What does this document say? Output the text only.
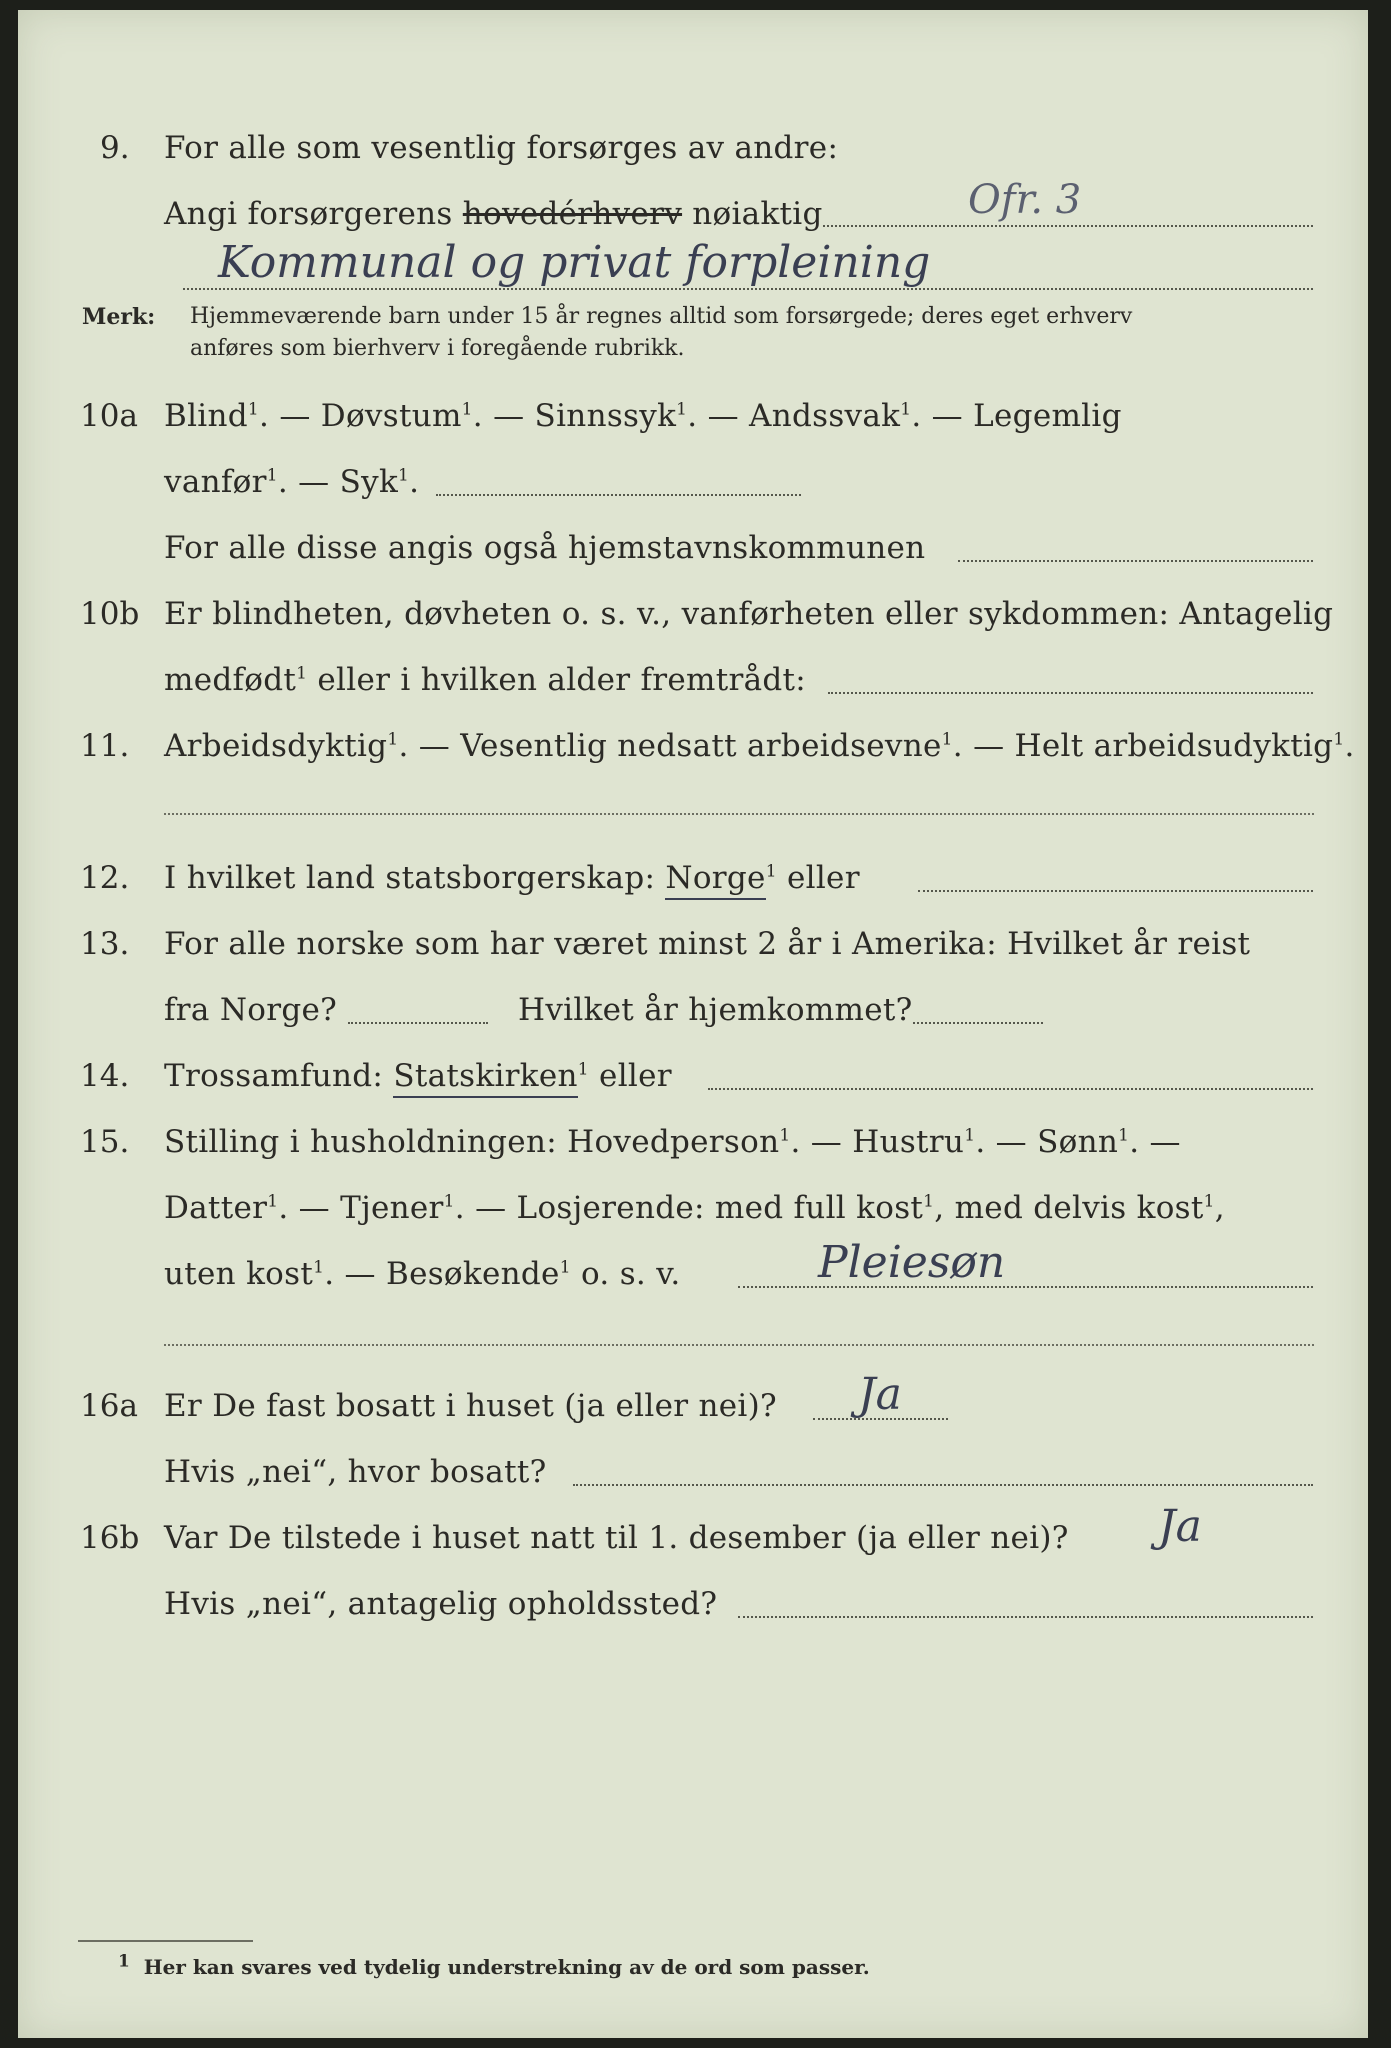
9. For alle som vesentlig forsørges av andre:
Angi forsørgerens hovedérhverv nøiaktig	Ofr. 3
Kommunal og privat forpleining
Merk: Hjemmeværende barn under 15 år regnes alltid som forsørgede; deres eget erhverv
anføres som bierhverv i foregående rubrikk.
10a Blind$^1$. — Døvstum$^1$. — Sinnssyk$^1$. — Andssvak$^1$. — Legemlig
vanfør$^1$. — Syk$^1$.
For alle disse angis også hjemstavnskommunen
10b Er blindheten, døvheten o. s. v., vanførheten eller sykdommen: Antagelig
medfødt$^1$ eller i hvilken alder fremtrådt:
11. Arbeidsdyktig$^1$. — Vesentlig nedsatt arbeidsevne$^1$. — Helt arbeidsudyktig$^1$.
12. I hvilket land statsborgerskap: Norge$^1$ eller
13. For alle norske som har været minst 2 år i Amerika: Hvilket år reist
fra Norge?	Hvilket år hjemkommet?
14. Trossamfund: Statskirken$^1$ eller
15. Stilling i husholdningen: Hovedperson$^1$. — Hustru$^1$. — Sønn$^1$. —
Datter$^1$. — Tjener$^1$. — Losjerende: med full kost$^1$, med delvis kost$^1$,
uten kost$^1$. — Besøkende$^1$ o. s. v.	Pleiesøn
16a Er De fast bosatt i huset (ja eller nei)? Ja
Hvis „nei“, hvor bosatt?
16b Var De tilstede i huset natt til 1. desember (ja eller nei)? Ja
Hvis „nei“, antagelig opholdssted?
$^1$ Her kan svares ved tydelig understrekning av de ord som passer.
